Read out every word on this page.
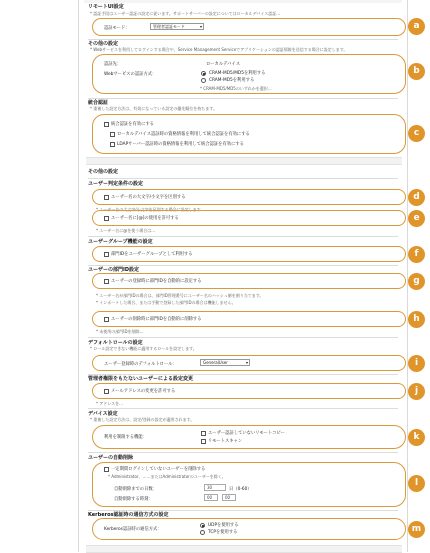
リモートUI設定
* 認証手段はユーザー認証の設定に従います。サポートサーバーの設定についてはローカルデバイス認証...
認証モード：	管理者認証モード ▾	a
その他の設定
* Webサービスを利用してログインする場合や、Service Management Serviceでアプリケーションの認証情報を送信する場合に設定します。
認証先：	ローカルデバイス
Webサービスの認証方式：	CRAM-MD5/MD5を利用する
CRAM-MD5を利用する
* CRAM-MD5/MD5のいずれかを選択...
b
統合認証
* 重複した設定方法は、有効になっている設定の優先順位を持ちます。
統合認証を有効にする
ローカルデバイス認証時の資格情報を利用して統合認証を有効にする
LDAPサーバー認証時の資格情報を利用して統合認証を有効にする
c
その他の設定
ユーザー判定条件の設定
ユーザー名の大文字/小文字を区別する
* ユーザー名の大文字/小文字を区別する場合に設定します...
d
ユーザー名に[@]の使用を許可する
* ユーザー名に@を使う場合は...
e
ユーザーグループ機能の設定
部門IDをユーザーグループとして利用する	f
ユーザーの部門ID設定
ユーザーの登録時に部門IDを自動的に設定する
* ユーザー名が部門IDの場合は、部門ID管理番号にユーザー名のハッシュ値を割り当てます。
* インポートした場合、または手動で登録した部門IDの場合は機能しません。
g
ユーザーの削除時に部門IDを自動的に削除する
* 未使用の部門IDを削除...
h
デフォルトロールの設定
* ロール設定できない機能に適用するロールを設定します。
ユーザー登録時のデフォルトロール：	GeneralUser ▾	i
管理者権限をもたないユーザーによる設定変更
メールアドレスの変更を許可する
* アドレスを...
j
デバイス設定
* 重複した設定方法は、設定/登録の設定が適用されます。
利用を制限する機能：
ユーザー認証していないリモートコピー
リモートスキャン	k
ユーザーの自動削除
一定期間ログインしていないユーザーを削除する
* Administrator、……またはAdministratorのユーザーを除く。
自動削除までの日数：	30	日（0-60）
自動削除する時刻：	00	00
l
Kerberos認証時の通信方式の設定
Kerberos認証時の通信方式：
UDPを使用する
TCPを使用する	m
